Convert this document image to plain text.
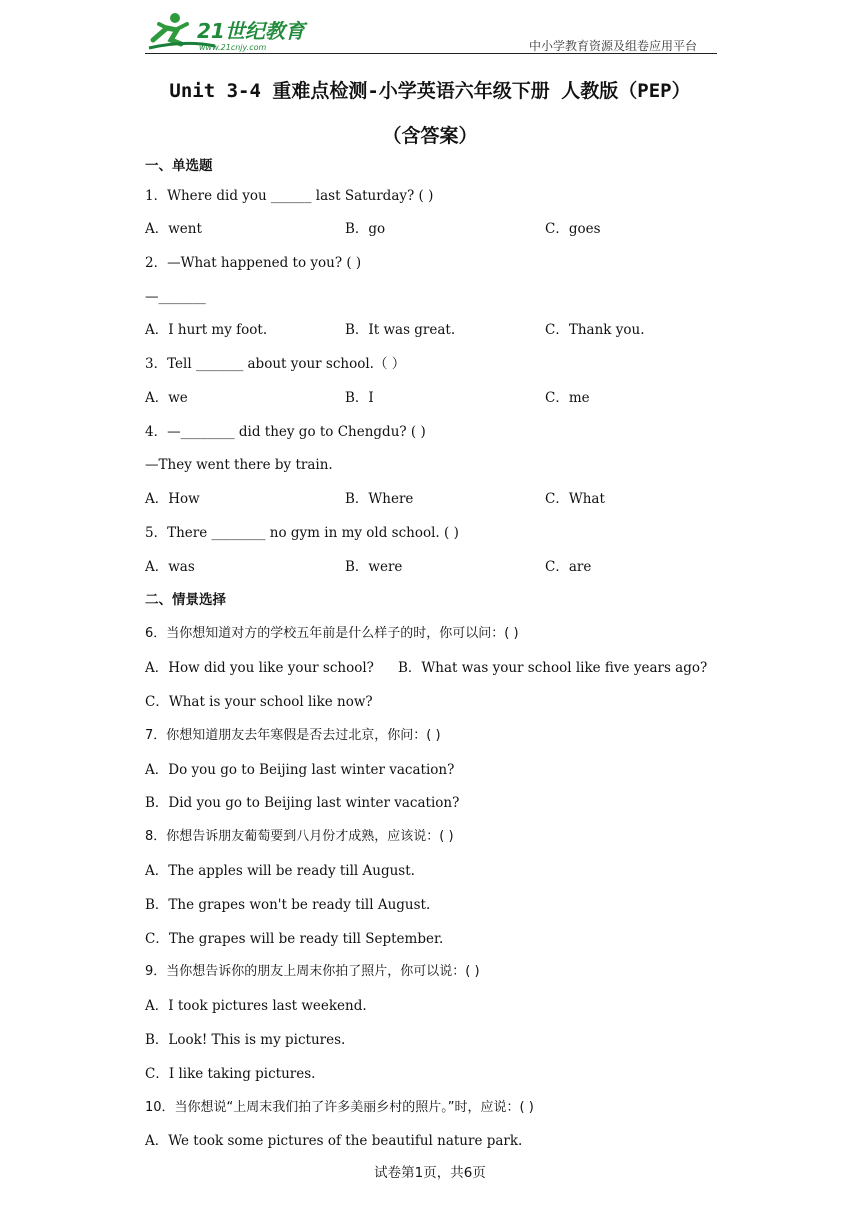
21世纪教育
www.21cnjy.com	中小学教育资源及组卷应用平台
Unit 3-4 重难点检测-小学英语六年级下册 人教版（PEP）
（含答案）
一、单选题
1．Where did you ______ last Saturday? ( )
A．went	B．go	C．goes
2．—What happened to you? ( )
—_______
A．I hurt my foot.	B．It was great.	C．Thank you.
3．Tell _______ about your school.（ ）
A．we	B．I	C．me
4．—________ did they go to Chengdu? ( )
—They went there by train.
A．How	B．Where	C．What
5．There ________ no gym in my old school. ( )
A．was	B．were	C．are
二、情景选择
6．当你想知道对方的学校五年前是什么样子的时，你可以问：( )
A．How did you like your school? B．What was your school like five years ago?
C．What is your school like now?
7．你想知道朋友去年寒假是否去过北京，你问：( )
A．Do you go to Beijing last winter vacation?
B．Did you go to Beijing last winter vacation?
8．你想告诉朋友葡萄要到八月份才成熟，应该说：( )
A．The apples will be ready till August.
B．The grapes won't be ready till August.
C．The grapes will be ready till September.
9．当你想告诉你的朋友上周末你拍了照片，你可以说：( )
A．I took pictures last weekend.
B．Look! This is my pictures.
C．I like taking pictures.
10．当你想说“上周末我们拍了许多美丽乡村的照片。”时，应说：( )
A．We took some pictures of the beautiful nature park.
试卷第1页，共6页
